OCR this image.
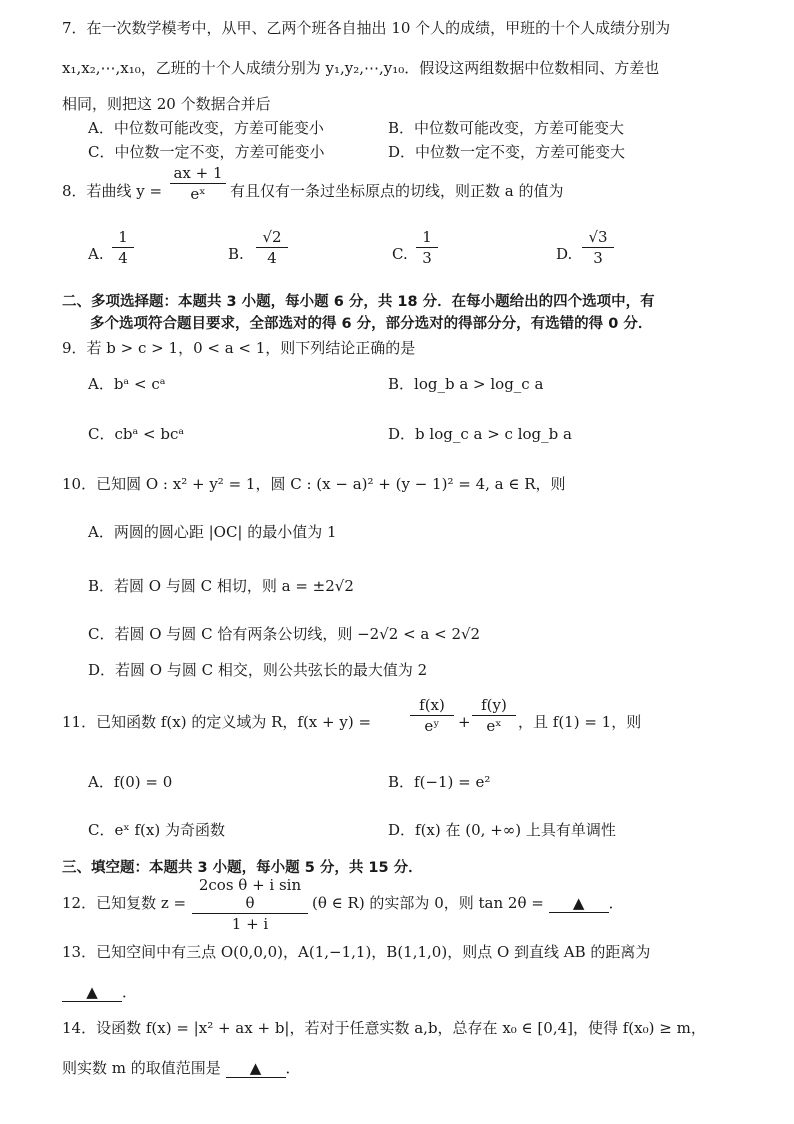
7．在一次数学模考中，从甲、乙两个班各自抽出 10 个人的成绩，甲班的十个人成绩分别为
x₁,x₂,⋯,x₁₀，乙班的十个人成绩分别为 y₁,y₂,⋯,y₁₀．假设这两组数据中位数相同、方差也
相同，则把这 20 个数据合并后
A．中位数可能改变，方差可能变小	B．中位数可能改变，方差可能变大
C．中位数一定不变，方差可能变小	D．中位数一定不变，方差可能变大
8．若曲线 y =
ax + 1
eˣ	有且仅有一条过坐标原点的切线，则正数 a 的值为
A.
1
4	B.
√2
4	C.
1
3	D.
√3
3
二、多项选择题：本题共 3 小题，每小题 6 分，共 18 分．在每小题给出的四个选项中，有
多个选项符合题目要求，全部选对的得 6 分，部分选对的得部分分，有选错的得 0 分．
9．若 b > c > 1，0 < a < 1，则下列结论正确的是
A．bᵃ < cᵃ	B．log_b a > log_c a
C．cbᵃ < bcᵃ	D．b log_c a > c log_b a
10．已知圆 O : x² + y² = 1，圆 C : (x − a)² + (y − 1)² = 4, a ∈ R，则
A．两圆的圆心距 |OC| 的最小值为 1
B．若圆 O 与圆 C 相切，则 a = ±2√2
C．若圆 O 与圆 C 恰有两条公切线，则 −2√2 < a < 2√2
D．若圆 O 与圆 C 相交，则公共弦长的最大值为 2
11．已知函数 f(x) 的定义域为 R，f(x + y) =
f(x)
eʸ	+
f(y)
eˣ	，且 f(1) = 1，则
A．f(0) = 0	B．f(−1) = e²
C．eˣ f(x) 为奇函数	D．f(x) 在 (0, +∞) 上具有单调性
三、填空题：本题共 3 小题，每小题 5 分，共 15 分．
12．已知复数 z =
2cos θ + i sin θ
1 + i
(θ ∈ R) 的实部为 0，则 tan 2θ = ▲ ．
13．已知空间中有三点 O(0,0,0)，A(1,−1,1)，B(1,1,0)，则点 O 到直线 AB 的距离为
▲ ．
14．设函数 f(x) = |x² + ax + b|，若对于任意实数 a,b，总存在 x₀ ∈ [0,4]，使得 f(x₀) ≥ m，
则实数 m 的取值范围是 ▲ ．
